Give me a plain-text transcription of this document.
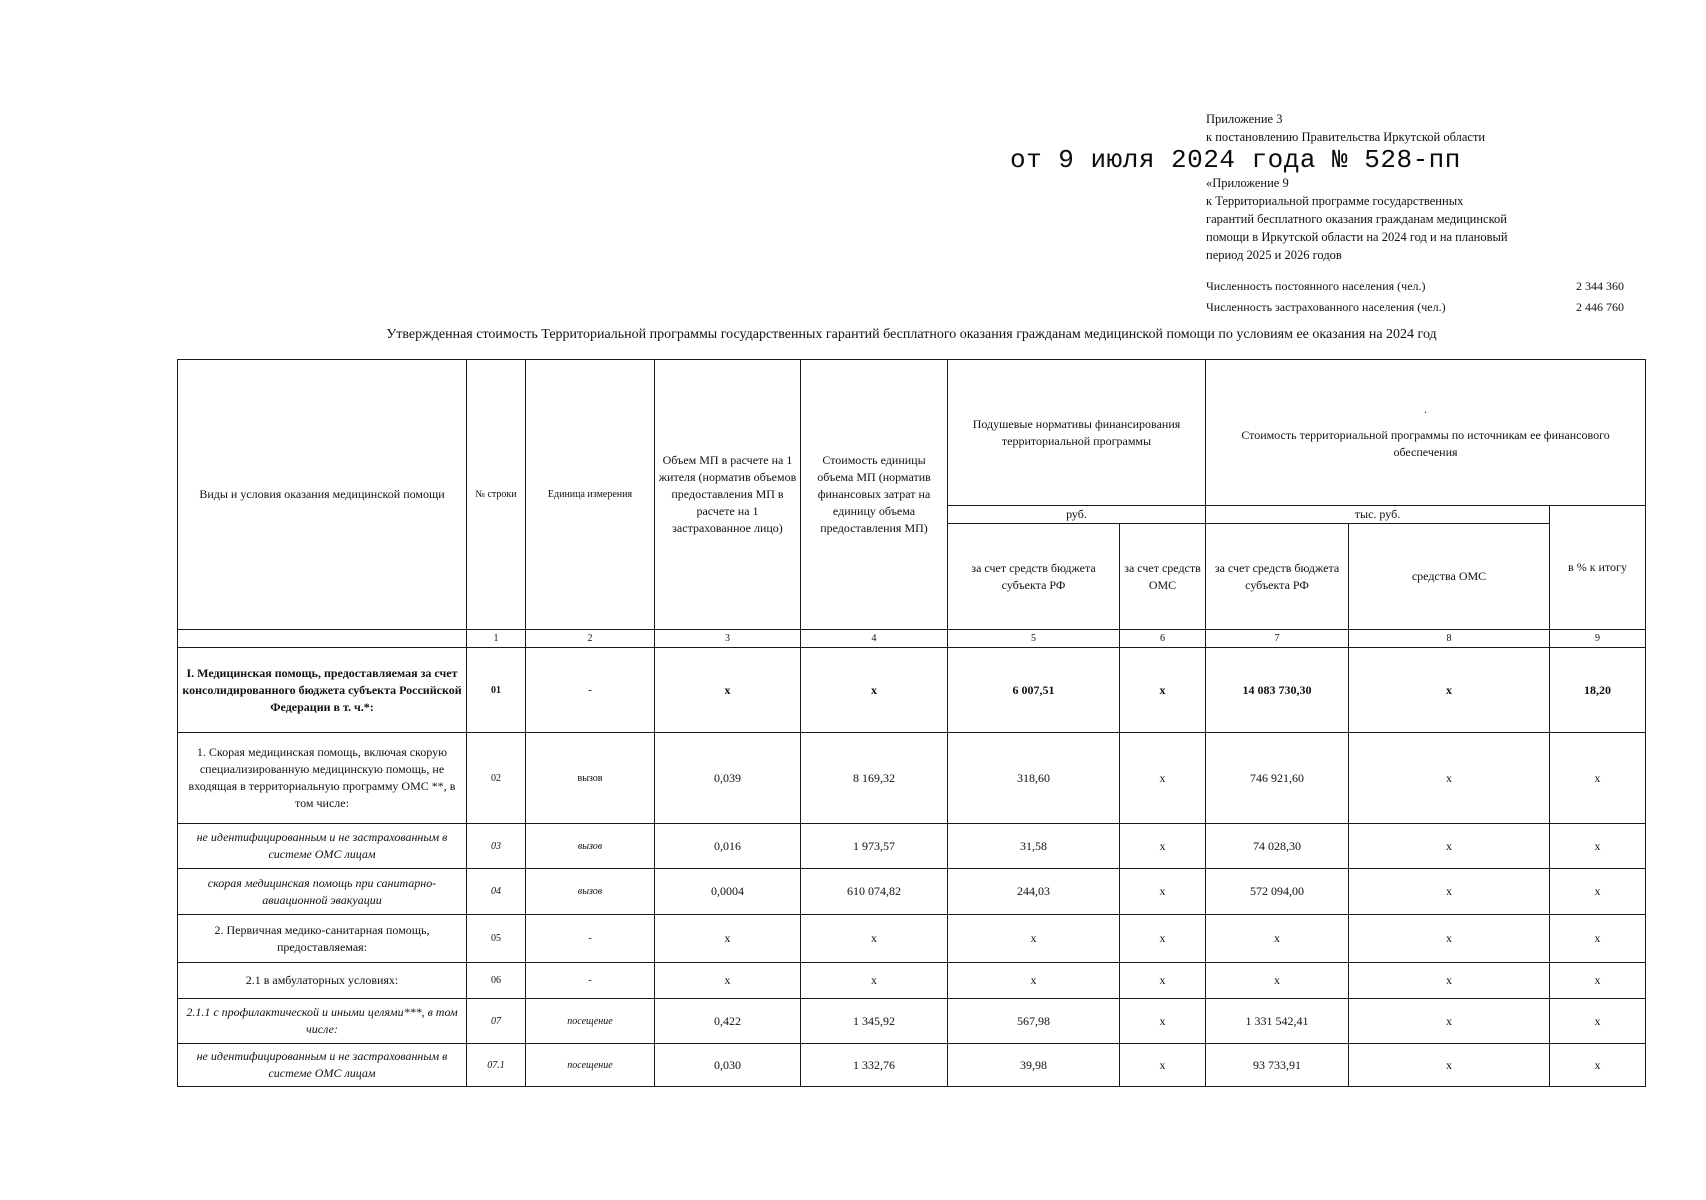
Приложение 3
к постановлению Правительства Иркутской области
от 9 июля 2024 года № 528-пп
«Приложение 9
к Территориальной программе государственных
гарантий бесплатного оказания гражданам медицинской
помощи в Иркутской области на 2024 год и на плановый
период 2025 и 2026 годов
Численность постоянного населения (чел.)	2 344 360
Численность застрахованного населения (чел.)	2 446 760
Утвержденная стоимость Территориальной программы государственных гарантий бесплатного оказания гражданам медицинской помощи по условиям ее оказания на 2024 год
Виды и условия оказания медицинской помощи	№ строки	Единица измерения	Объем МП в расчете на 1 жителя (норматив объемов предоставления МП в расчете на 1 застрахованное лицо)	Стоимость единицы объема МП (норматив финансовых затрат на единицу объема предоставления МП)	Подушевые нормативы финансирования территориальной программы		·
Стоимость территориальной программы по источникам ее финансового обеспечения		

					руб.		тыс. руб.		в % к итогу
					за счет средств бюджета субъекта РФ	за счет средств ОМС	за счет средств бюджета субъекта РФ	средства ОМС	
	1	2	3	4	5	6	7	8	9
I. Медицинская помощь, предоставляемая за счет консолидированного бюджета субъекта Российской Федерации в т. ч.*:	01	-	x	x	6 007,51	x	14 083 730,30	x	18,20
1. Скорая медицинская помощь, включая скорую специализированную медицинскую помощь, не входящая в территориальную программу ОМС **, в том числе:	02	вызов	0,039	8 169,32	318,60	x	746 921,60	x	x
не идентифицированным и не застрахованным в системе ОМС лицам	03	вызов	0,016	1 973,57	31,58	x	74 028,30	x	x
скорая медицинская помощь при санитарно-авиационной эвакуации	04	вызов	0,0004	610 074,82	244,03	x	572 094,00	x	x
2. Первичная медико-санитарная помощь, предоставляемая:	05	-	x	x	x	x	x	x	x
2.1 в амбулаторных условиях:	06	-	x	x	x	x	x	x	x
2.1.1 с профилактической и иными целями***, в том числе:	07	посещение	0,422	1 345,92	567,98	x	1 331 542,41	x	x
не идентифицированным и не застрахованным в системе ОМС лицам	07.1	посещение	0,030	1 332,76	39,98	x	93 733,91	x	x
